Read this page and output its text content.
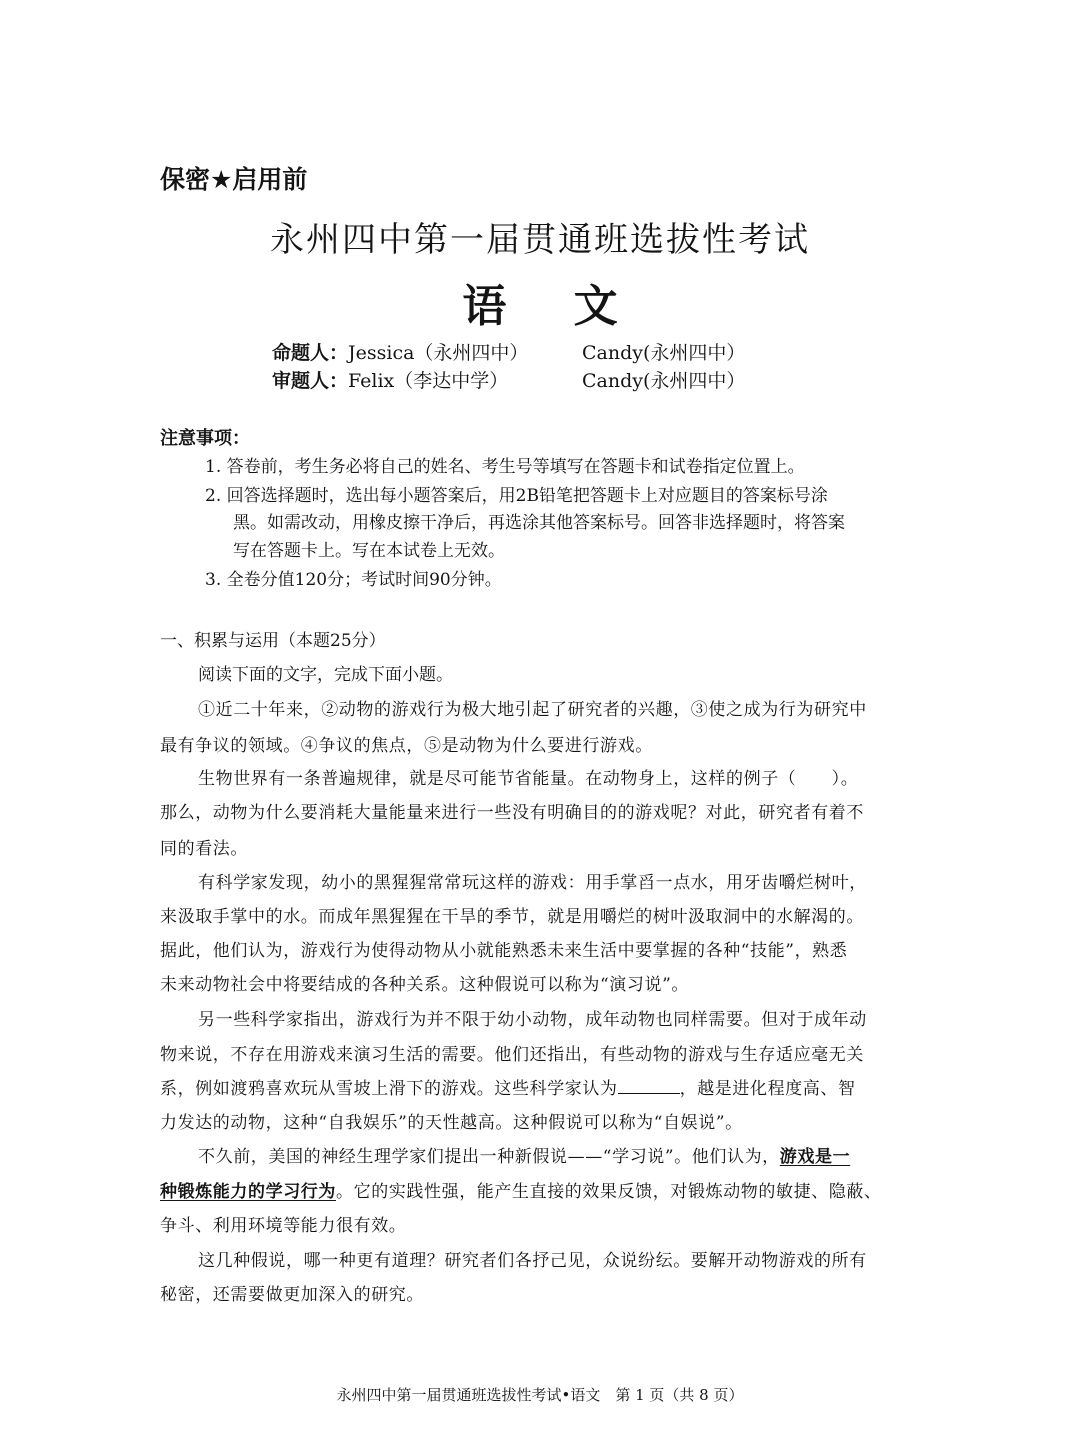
保密★启用前
永州四中第一届贯通班选拔性考试
语 文
命题人：Jessica（永州四中）	Candy(永州四中）
审题人：Felix（李达中学）	Candy(永州四中）
注意事项：
1. 答卷前，考生务必将自己的姓名、考生号等填写在答题卡和试卷指定位置上。
2. 回答选择题时，选出每小题答案后，用2B铅笔把答题卡上对应题目的答案标号涂
黑。如需改动，用橡皮擦干净后，再选涂其他答案标号。回答非选择题时，将答案
写在答题卡上。写在本试卷上无效。
3. 全卷分值120分；考试时间90分钟。
一、积累与运用（本题25分）
阅读下面的文字，完成下面小题。
①近二十年来，②动物的游戏行为极大地引起了研究者的兴趣，③使之成为行为研究中
最有争议的领域。④争议的焦点，⑤是动物为什么要进行游戏。
生物世界有一条普遍规律，就是尽可能节省能量。在动物身上，这样的例子（　　）。
那么，动物为什么要消耗大量能量来进行一些没有明确目的的游戏呢？对此，研究者有着不
同的看法。
有科学家发现，幼小的黑猩猩常常玩这样的游戏：用手掌舀一点水，用牙齿嚼烂树叶，
来汲取手掌中的水。而成年黑猩猩在干旱的季节，就是用嚼烂的树叶汲取洞中的水解渴的。
据此，他们认为，游戏行为使得动物从小就能熟悉未来生活中要掌握的各种“技能”，熟悉
未来动物社会中将要结成的各种关系。这种假说可以称为“演习说”。
另一些科学家指出，游戏行为并不限于幼小动物，成年动物也同样需要。但对于成年动
物来说，不存在用游戏来演习生活的需要。他们还指出，有些动物的游戏与生存适应毫无关
系，例如渡鸦喜欢玩从雪坡上滑下的游戏。这些科学家认为	，越是进化程度高、智
力发达的动物，这种“自我娱乐”的天性越高。这种假说可以称为“自娱说”。
不久前，美国的神经生理学家们提出一种新假说——“学习说”。他们认为，游戏是一
种锻炼能力的学习行为。它的实践性强，能产生直接的效果反馈，对锻炼动物的敏捷、隐蔽、
争斗、利用环境等能力很有效。
这几种假说，哪一种更有道理？研究者们各抒己见，众说纷纭。要解开动物游戏的所有
秘密，还需要做更加深入的研究。
永州四中第一届贯通班选拔性考试•语文　第 1 页（共 8 页）
